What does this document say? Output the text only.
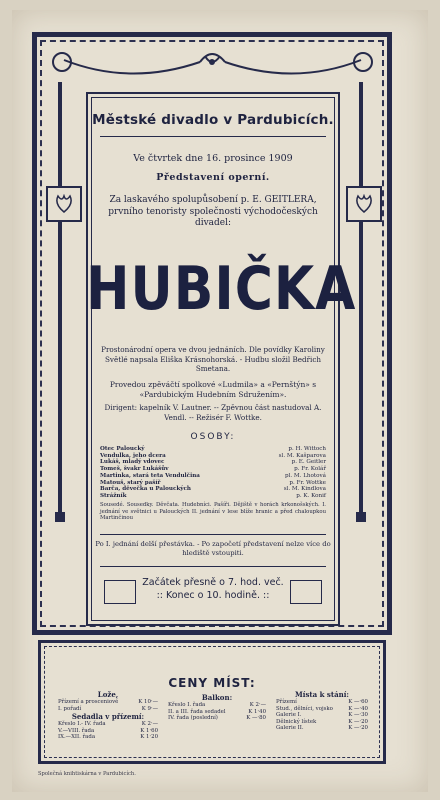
Městské divadlo v Pardubicích.
Ve čtvrtek dne 16. prosince 1909
Představení operní.
Za laskavého spolupůsobení p. E. GEITLERA, prvního tenoristy společnosti východočeských divadel:
HUBIČKA
Prostonárodní opera ve dvou jednáních. Dle povídky Karoliny Světlé napsala Eliška Krásnohorská. - Hudbu složil Bedřich Smetana.
Provedou zpěváčtí spolkové «Ludmila» a «Pernštýn» s «Pardubickým Hudebním Sdružením».
Dirigent: kapelník V. Lautner. -- Zpěvnou část nastudoval A. Vendl. -- Režisér F. Wottke.
OSOBY:
Otec Paloucký	p. H. Wittoch
Vendulka, jeho dcera	sl. M. Kašparova
Lukáš, mladý vdovec	p. E. Geitler
Tomeš, švakr Lukášův	p. Fr. Kolář
Martinka, stará teta Vendulčina	pl. M. Lhotová
Matouš, starý pašíř	p. Fr. Wottke
Barča, děvečka u Palouckých	sl. M. Kindlova
Strážník	p. K. Konif
Sousedé. Sousedky. Děvčata. Hudebníci. Pašíři. Dějiště v horách krkonošských. I. jednání ve světnici u Palouckých II. jednání v lese blíže hranic a před chaloupkou Martinčinou
Po I. jednání delší přestávka. - Po započetí představení nelze více do hlediště vstoupiti.
Začátek přesně o 7. hod. več.
:: Konec o 10. hodině. ::
CENY MÍST:
Lože,
Přízemí a prosceniové	K 10·—
I. pořadí	K 9·—
Sedadla v přízemí:
Křeslo I.- IV. řada	K 2·—
V.—VIII. řada	K 1·60
IX.—XII. řada	K 1·20
Balkon:
Křeslo I. řada	K 2·—
II. a III. řada sedadel	K 1·40
IV. řada (poslední)	K —·80
Místa k stání:
Přízemí	K —·60
Stud., dělníci, vojsko	K —·40
Galerie I.	K —·30
Dělnický lístek	K —·20
Galerie II.	K —·20
Společná knihtiskárna v Pardubicích.
